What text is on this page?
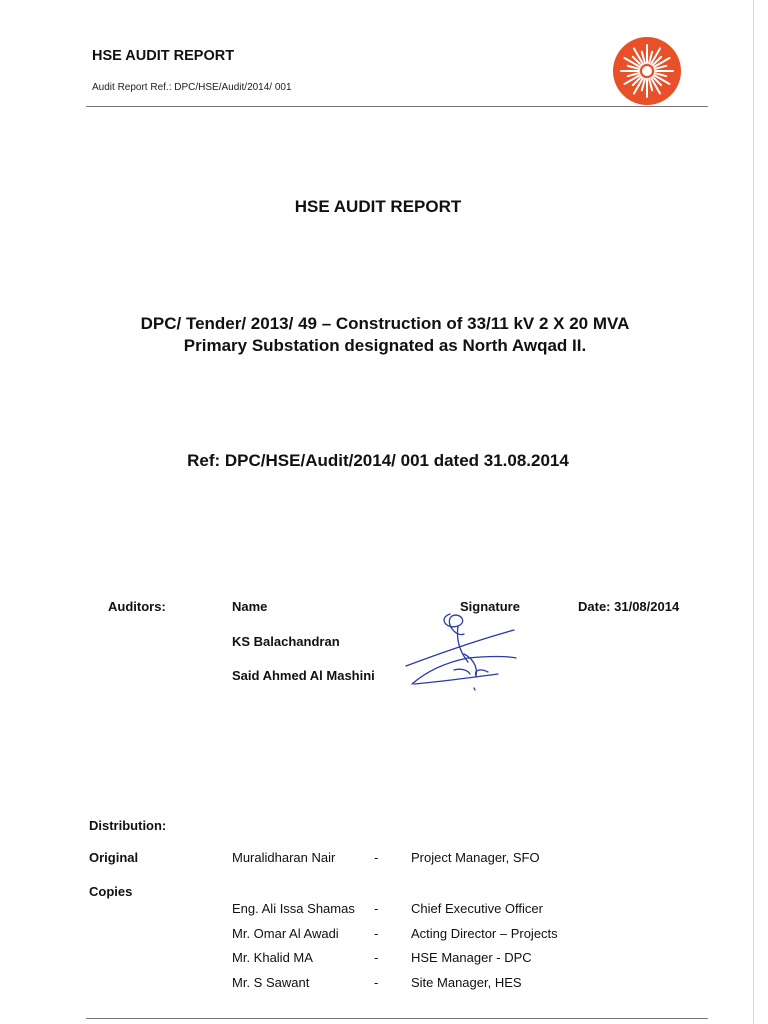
HSE AUDIT REPORT
Audit Report Ref.: DPC/HSE/Audit/2014/ 001
HSE AUDIT REPORT
DPC/ Tender/ 2013/ 49 – Construction of 33/11 kV 2 X 20 MVA
Primary Substation designated as North Awqad II.
Ref: DPC/HSE/Audit/2014/ 001 dated 31.08.2014
Auditors:	Name	Signature	Date: 31/08/2014
KS Balachandran
Said Ahmed Al Mashini
Distribution:
Original	Muralidharan Nair	-	Project Manager, SFO
Copies
Eng. Ali Issa Shamas -	Chief Executive Officer
Mr. Omar Al Awadi	-	Acting Director – Projects
Mr. Khalid MA	-	HSE Manager - DPC
Mr. S Sawant	-	Site Manager, HES
